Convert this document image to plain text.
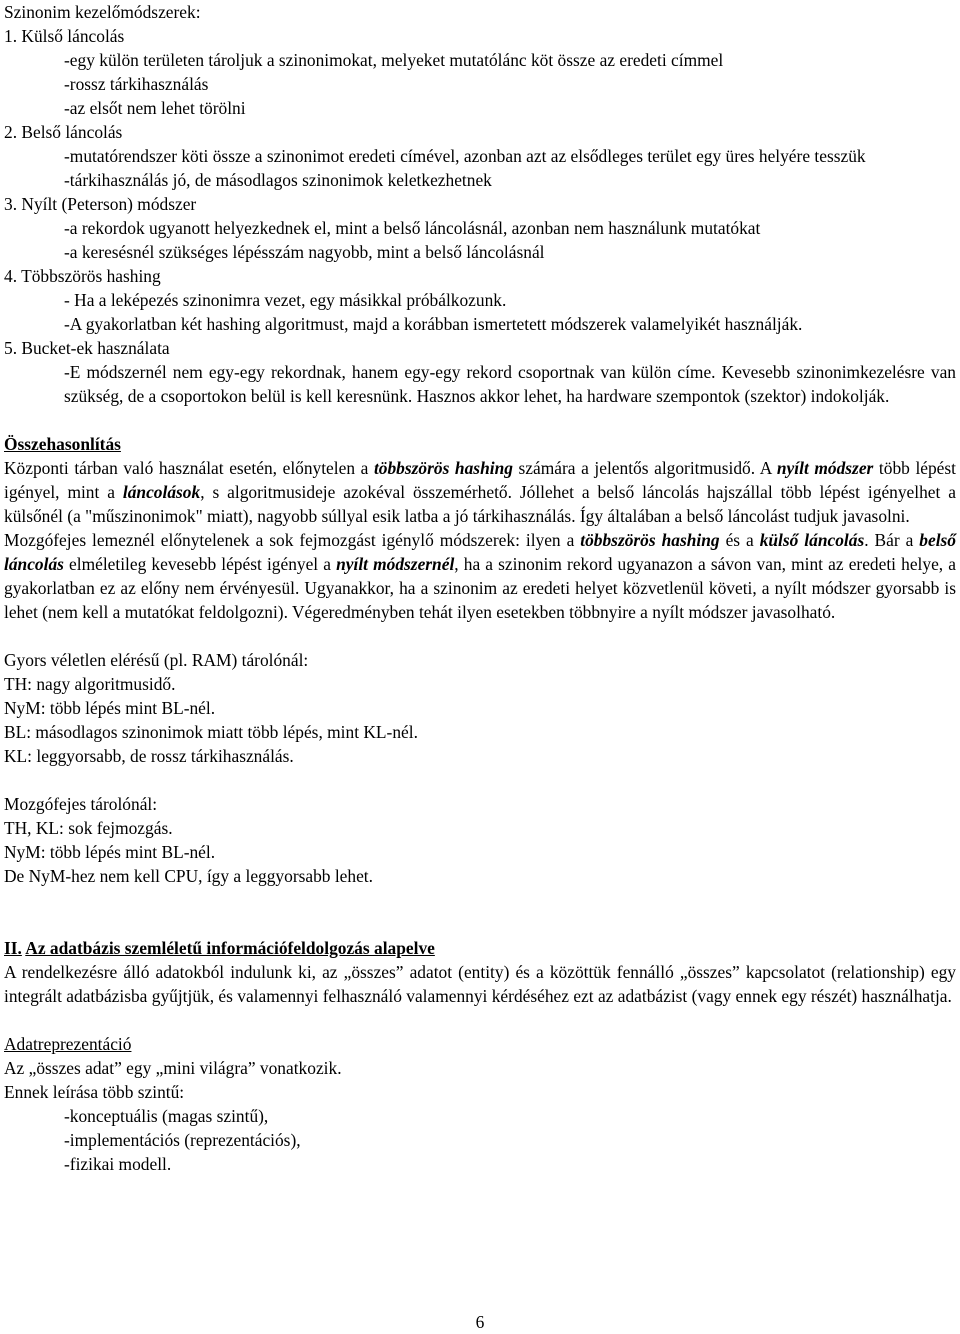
Szinonim kezelőmódszerek:
1. Külső láncolás
-egy külön területen tároljuk a szinonimokat, melyeket mutatólánc köt össze az eredeti címmel
-rossz tárkihasználás
-az elsőt nem lehet törölni
2. Belső láncolás
-mutatórendszer köti össze a szinonimot eredeti címével, azonban azt az elsődleges terület egy üres helyére tesszük
-tárkihasználás jó, de másodlagos szinonimok keletkezhetnek
3. Nyílt (Peterson) módszer
-a rekordok ugyanott helyezkednek el, mint a belső láncolásnál, azonban nem használunk mutatókat
-a keresésnél szükséges lépésszám nagyobb, mint a belső láncolásnál
4. Többszörös hashing
- Ha a leképezés szinonimra vezet, egy másikkal próbálkozunk.
-A gyakorlatban két hashing algoritmust, majd a korábban ismertetett módszerek valamelyikét használják.
5. Bucket-ek használata
-E módszernél nem egy-egy rekordnak, hanem egy-egy rekord csoportnak van külön címe. Kevesebb szinonimkezelésre van szükség, de a csoportokon belül is kell keresnünk. Hasznos akkor lehet, ha hardware szempontok (szektor) indokolják.
Összehasonlítás
Központi tárban való használat esetén, előnytelen a többszörös hashing számára a jelentős algoritmusidő. A nyílt módszer több lépést igényel, mint a láncolások, s algoritmusideje azokéval összemérhető. Jóllehet a belső láncolás hajszállal több lépést igényelhet a külsőnél (a "műszinonimok" miatt), nagyobb súllyal esik latba a jó tárkihasználás. Így általában a belső láncolást tudjuk javasolni.
Mozgófejes lemeznél előnytelenek a sok fejmozgást igénylő módszerek: ilyen a többszörös hashing és a külső láncolás. Bár a belső láncolás elméletileg kevesebb lépést igényel a nyílt módszernél, ha a szinonim rekord ugyanazon a sávon van, mint az eredeti helye, a gyakorlatban ez az előny nem érvényesül. Ugyanakkor, ha a szinonim az eredeti helyet közvetlenül követi, a nyílt módszer gyorsabb is lehet (nem kell a mutatókat feldolgozni). Végeredményben tehát ilyen esetekben többnyire a nyílt módszer javasolható.
Gyors véletlen elérésű (pl. RAM) tárolónál:
TH: nagy algoritmusidő.
NyM: több lépés mint BL-nél.
BL: másodlagos szinonimok miatt több lépés, mint KL-nél.
KL: leggyorsabb, de rossz tárkihasználás.
Mozgófejes tárolónál:
TH, KL: sok fejmozgás.
NyM: több lépés mint BL-nél.
De NyM-hez nem kell CPU, így a leggyorsabb lehet.
II. Az adatbázis szemléletű információfeldolgozás alapelve
A rendelkezésre álló adatokból indulunk ki, az „összes” adatot (entity) és a közöttük fennálló „összes” kapcsolatot (relationship) egy integrált adatbázisba gyűjtjük, és valamennyi felhasználó valamennyi kérdéséhez ezt az adatbázist (vagy ennek egy részét) használhatja.
Adatreprezentáció
Az „összes adat” egy „mini világra” vonatkozik.
Ennek leírása több szintű:
-konceptuális (magas szintű),
-implementációs (reprezentációs),
-fizikai modell.
6
